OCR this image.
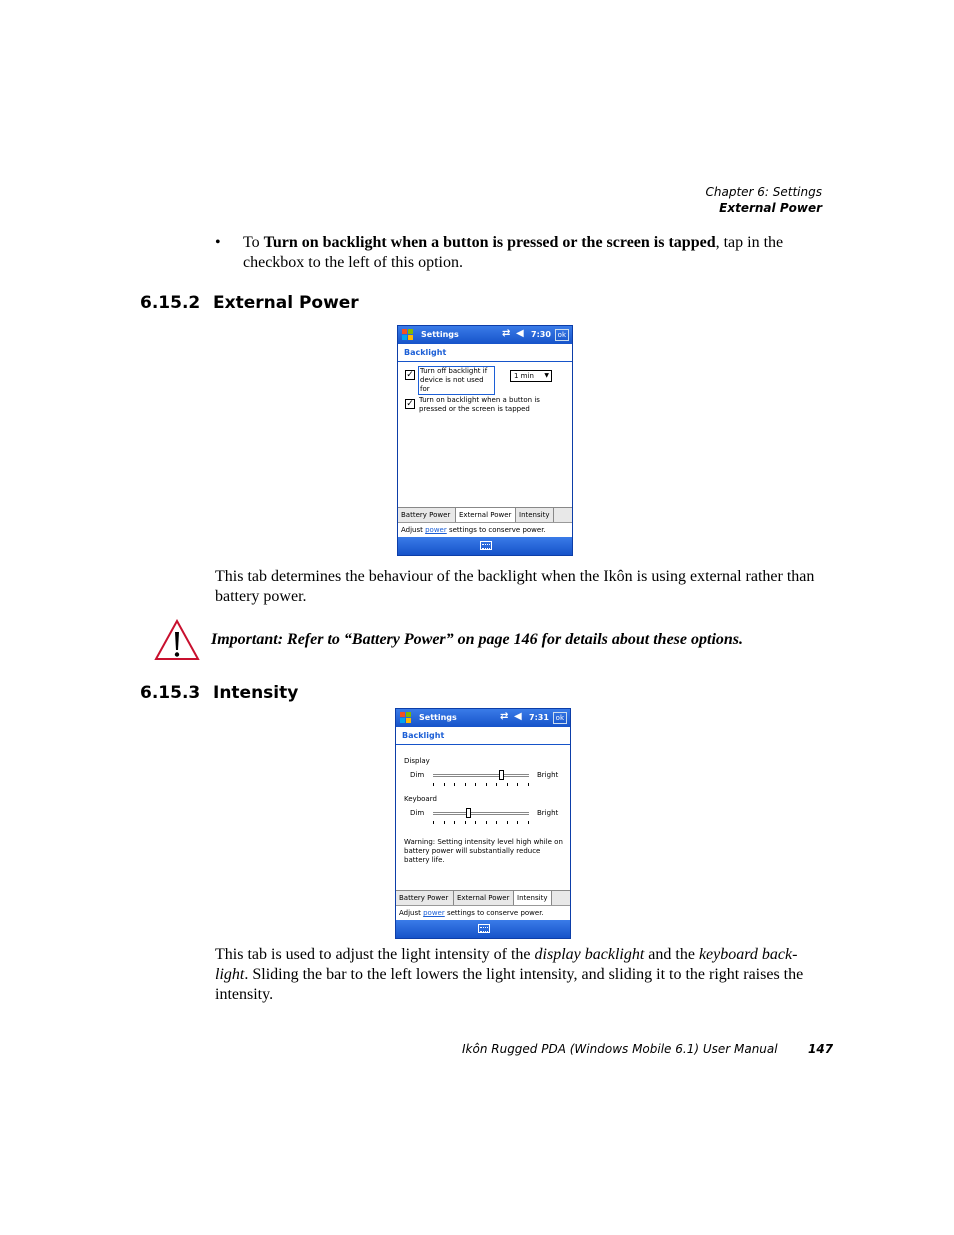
Chapter 6: Settings
External Power
• To Turn on backlight when a button is pressed or the screen is tapped, tap in the checkbox to the left of this option.
6.15.2 External Power
Settings	⇄ ◀ 7:30 ok
Backlight
✓ Turn off backlight if device is not used for
1 min ▼
✓ Turn on backlight when a button is pressed or the screen is tapped
Battery Power	External Power	Intensity
Adjust power settings to conserve power.
This tab determines the behaviour of the backlight when the Ikôn is using external rather than battery power.
Important: Refer to “Battery Power” on page 146 for details about these options.
6.15.3 Intensity
Settings	⇄ ◀ 7:31 ok
Backlight
Display
Dim	Bright
Keyboard
Dim	Bright
Warning: Setting intensity level high while on battery power will substantially reduce battery life.
Battery Power	External Power	Intensity
Adjust power settings to conserve power.
This tab is used to adjust the light intensity of the display backlight and the keyboard back-light. Sliding the bar to the left lowers the light intensity, and sliding it to the right raises the intensity.
Ikôn Rugged PDA (Windows Mobile 6.1) User Manual	147
